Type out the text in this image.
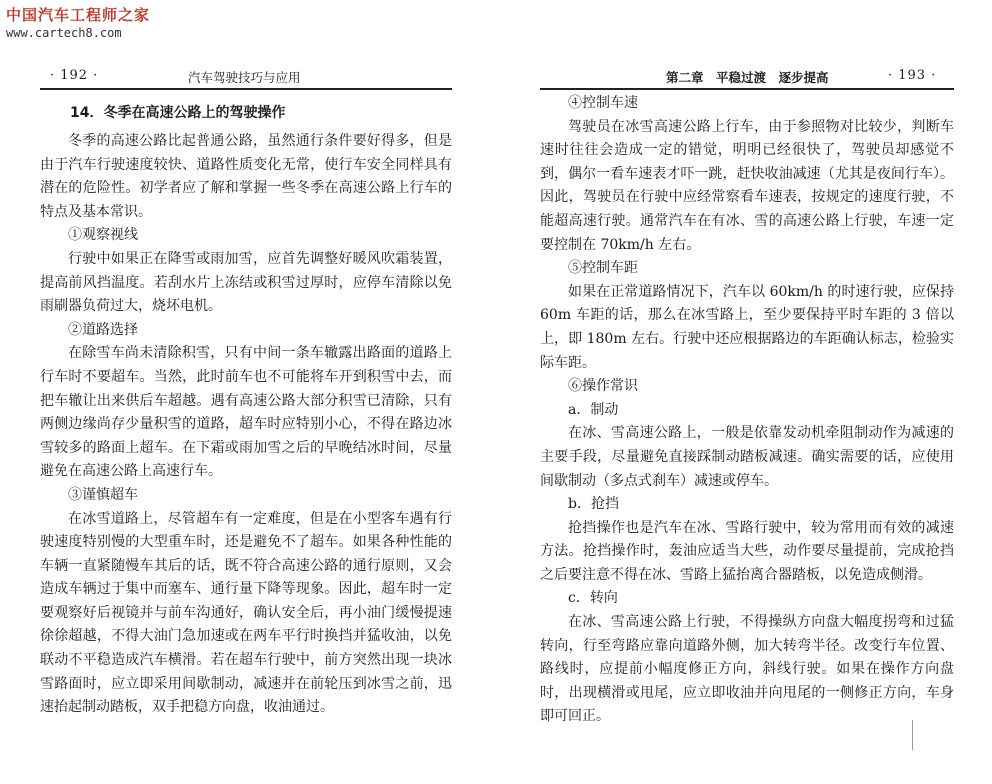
中国汽车工程师之家
www.cartech8.com
· 192 ·	汽车驾驶技巧与应用
14．冬季在高速公路上的驾驶操作

冬季的高速公路比起普通公路，虽然通行条件要好得多，但是由于汽车行驶速度较快、道路性质变化无常，使行车安全同样具有潜在的危险性。初学者应了解和掌握一些冬季在高速公路上行车的特点及基本常识。

①观察视线

行驶中如果正在降雪或雨加雪，应首先调整好暖风吹霜装置，提高前风挡温度。若刮水片上冻结或积雪过厚时，应停车清除以免雨刷器负荷过大，烧坏电机。

②道路选择

在除雪车尚未清除积雪，只有中间一条车辙露出路面的道路上行车时不要超车。当然，此时前车也不可能将车开到积雪中去，而把车辙让出来供后车超越。遇有高速公路大部分积雪已清除，只有两侧边缘尚存少量积雪的道路，超车时应特别小心，不得在路边冰雪较多的路面上超车。在下霜或雨加雪之后的早晚结冰时间，尽量避免在高速公路上高速行车。

③谨慎超车

在冰雪道路上，尽管超车有一定难度，但是在小型客车遇有行驶速度特别慢的大型重车时，还是避免不了超车。如果各种性能的车辆一直紧随慢车其后的话，既不符合高速公路的通行原则，又会造成车辆过于集中而塞车、通行量下降等现象。因此，超车时一定要观察好后视镜并与前车沟通好，确认安全后，再小油门缓慢提速徐徐超越，不得大油门急加速或在两车平行时换挡并猛收油，以免联动不平稳造成汽车横滑。若在超车行驶中，前方突然出现一块冰雪路面时，应立即采用间歇制动，减速并在前轮压到冰雪之前，迅速抬起制动踏板，双手把稳方向盘，收油通过。

第二章　平稳过渡　逐步提高	· 193 ·

④控制车速

驾驶员在冰雪高速公路上行车，由于参照物对比较少，判断车速时往往会造成一定的错觉，明明已经很快了，驾驶员却感觉不到，偶尔一看车速表才吓一跳，赶快收油减速（尤其是夜间行车）。因此，驾驶员在行驶中应经常察看车速表，按规定的速度行驶，不能超高速行驶。通常汽车在有冰、雪的高速公路上行驶，车速一定要控制在 70km/h 左右。

⑤控制车距

如果在正常道路情况下，汽车以 60km/h 的时速行驶，应保持 60m 车距的话，那么在冰雪路上，至少要保持平时车距的 3 倍以上，即 180m 左右。行驶中还应根据路边的车距确认标志，检验实际车距。

⑥操作常识

a．制动

在冰、雪高速公路上，一般是依靠发动机牵阻制动作为减速的主要手段，尽量避免直接踩制动踏板减速。确实需要的话，应使用间歇制动（多点式刹车）减速或停车。

b．抢挡

抢挡操作也是汽车在冰、雪路行驶中，较为常用而有效的减速方法。抢挡操作时，轰油应适当大些，动作要尽量提前，完成抢挡之后要注意不得在冰、雪路上猛抬离合器踏板，以免造成侧滑。

c．转向

在冰、雪高速公路上行驶，不得操纵方向盘大幅度拐弯和过猛转向，行至弯路应靠向道路外侧，加大转弯半径。改变行车位置、路线时，应提前小幅度修正方向，斜线行驶。如果在操作方向盘时，出现横滑或甩尾，应立即收油并向甩尾的一侧修正方向，车身即可回正。
